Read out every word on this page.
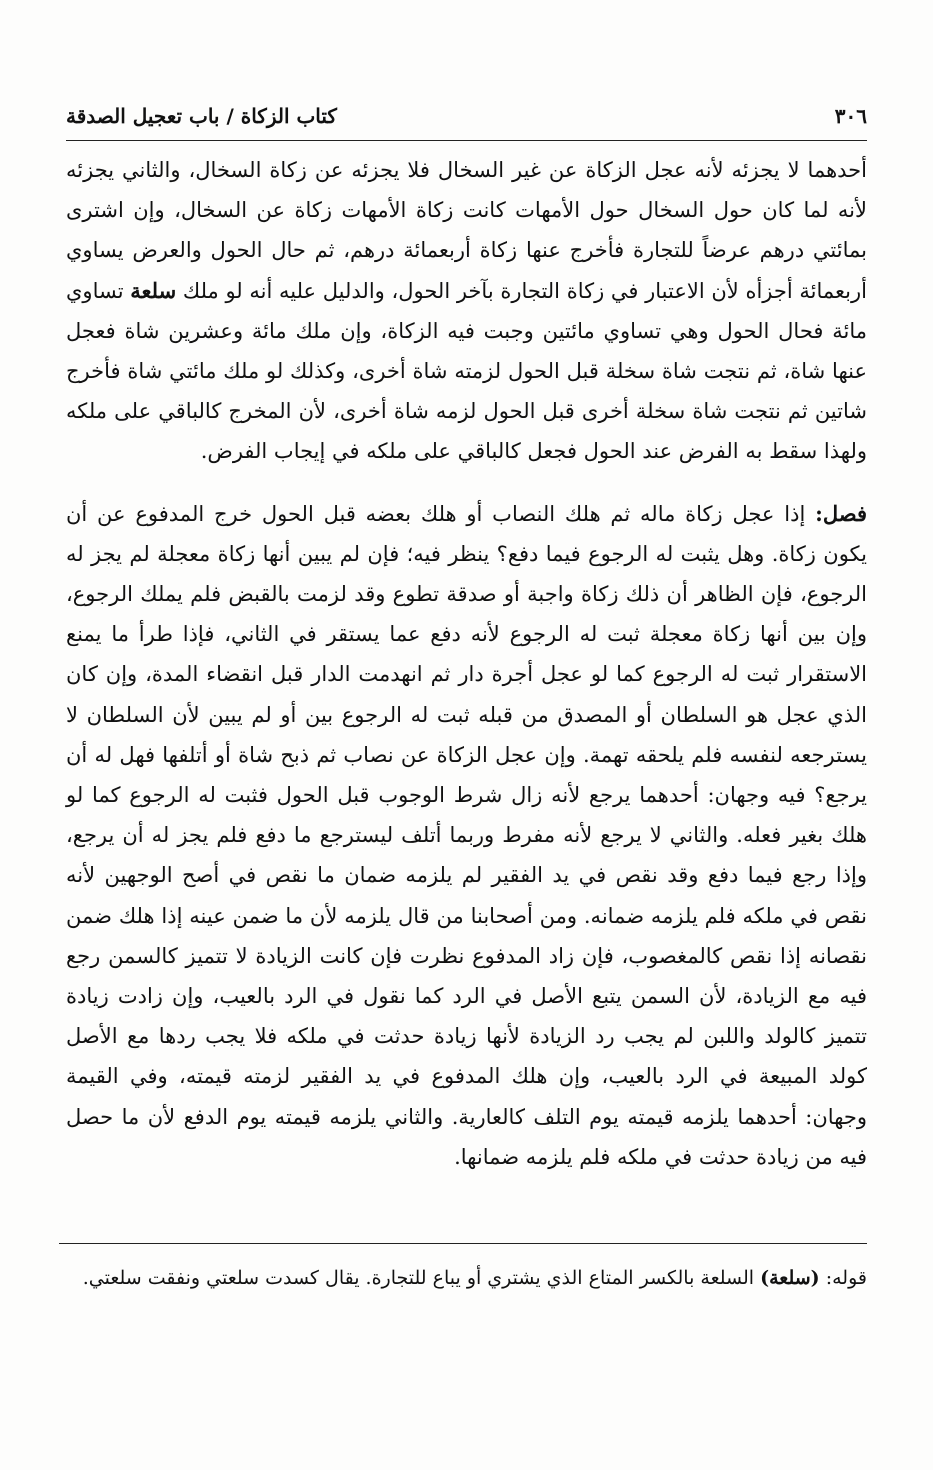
٣٠٦
كتاب الزكاة / باب تعجيل الصدقة

أحدهما لا يجزئه لأنه عجل الزكاة عن غير السخال فلا يجزئه عن زكاة السخال، والثاني يجزئه لأنه لما كان حول السخال حول الأمهات كانت زكاة الأمهات زكاة عن السخال، وإن اشترى بمائتي درهم عرضاً للتجارة فأخرج عنها زكاة أربعمائة درهم، ثم حال الحول والعرض يساوي أربعمائة أجزأه لأن الاعتبار في زكاة التجارة بآخر الحول، والدليل عليه أنه لو ملك سلعة تساوي مائة فحال الحول وهي تساوي مائتين وجبت فيه الزكاة، وإن ملك مائة وعشرين شاة فعجل عنها شاة، ثم نتجت شاة سخلة قبل الحول لزمته شاة أخرى، وكذلك لو ملك مائتي شاة فأخرج شاتين ثم نتجت شاة سخلة أخرى قبل الحول لزمه شاة أخرى، لأن المخرج كالباقي على ملكه ولهذا سقط به الفرض عند الحول فجعل كالباقي على ملكه في إيجاب الفرض.

فصل: إذا عجل زكاة ماله ثم هلك النصاب أو هلك بعضه قبل الحول خرج المدفوع عن أن يكون زكاة. وهل يثبت له الرجوع فيما دفع؟ ينظر فيه؛ فإن لم يبين أنها زكاة معجلة لم يجز له الرجوع، فإن الظاهر أن ذلك زكاة واجبة أو صدقة تطوع وقد لزمت بالقبض فلم يملك الرجوع، وإن بين أنها زكاة معجلة ثبت له الرجوع لأنه دفع عما يستقر في الثاني، فإذا طرأ ما يمنع الاستقرار ثبت له الرجوع كما لو عجل أجرة دار ثم انهدمت الدار قبل انقضاء المدة، وإن كان الذي عجل هو السلطان أو المصدق من قبله ثبت له الرجوع بين أو لم يبين لأن السلطان لا يسترجعه لنفسه فلم يلحقه تهمة. وإن عجل الزكاة عن نصاب ثم ذبح شاة أو أتلفها فهل له أن يرجع؟ فيه وجهان: أحدهما يرجع لأنه زال شرط الوجوب قبل الحول فثبت له الرجوع كما لو هلك بغير فعله. والثاني لا يرجع لأنه مفرط وربما أتلف ليسترجع ما دفع فلم يجز له أن يرجع، وإذا رجع فيما دفع وقد نقص في يد الفقير لم يلزمه ضمان ما نقص في أصح الوجهين لأنه نقص في ملكه فلم يلزمه ضمانه. ومن أصحابنا من قال يلزمه لأن ما ضمن عينه إذا هلك ضمن نقصانه إذا نقص كالمغصوب، فإن زاد المدفوع نظرت فإن كانت الزيادة لا تتميز كالسمن رجع فيه مع الزيادة، لأن السمن يتبع الأصل في الرد كما نقول في الرد بالعيب، وإن زادت زيادة تتميز كالولد واللبن لم يجب رد الزيادة لأنها زيادة حدثت في ملكه فلا يجب ردها مع الأصل كولد المبيعة في الرد بالعيب، وإن هلك المدفوع في يد الفقير لزمته قيمته، وفي القيمة وجهان: أحدهما يلزمه قيمته يوم التلف كالعارية. والثاني يلزمه قيمته يوم الدفع لأن ما حصل فيه من زيادة حدثت في ملكه فلم يلزمه ضمانها.

قوله: (سلعة) السلعة بالكسر المتاع الذي يشتري أو يباع للتجارة. يقال كسدت سلعتي ونفقت سلعتي.
